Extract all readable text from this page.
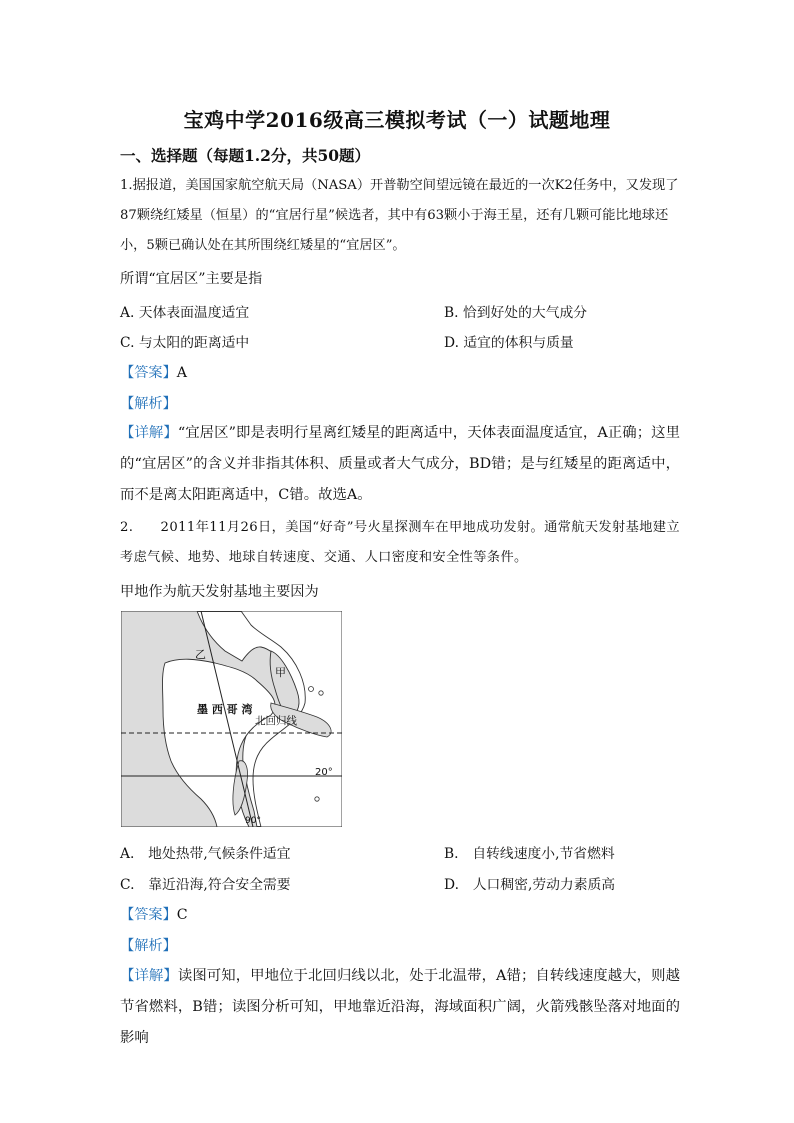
宝鸡中学2016级高三模拟考试（一）试题地理
一、选择题（每题1.2分，共50题）
1.据报道，美国国家航空航天局（NASA）开普勒空间望远镜在最近的一次K2任务中，又发现了87颗绕红矮星（恒星）的“宜居行星”候选者，其中有63颗小于海王星，还有几颗可能比地球还小，5颗已确认处在其所围绕红矮星的“宜居区”。
所谓“宜居区”主要是指
A. 天体表面温度适宜	B. 恰到好处的大气成分
C. 与太阳的距离适中	D. 适宜的体积与质量
【答案】A
【解析】
【详解】“宜居区”即是表明行星离红矮星的距离适中，天体表面温度适宜，A正确；这里的“宜居区”的含义并非指其体积、质量或者大气成分，BD错；是与红矮星的距离适中，而不是离太阳距离适中，C错。故选A。
2.　　2011年11月26日，美国“好奇”号火星探测车在甲地成功发射。通常航天发射基地建立考虑气候、地势、地球自转速度、交通、人口密度和安全性等条件。
甲地作为航天发射基地主要因为
乙
甲
墨 西 哥 湾
北回归线
20°
90°
A.　地处热带,气候条件适宜	B.　自转线速度小,节省燃料
C.　靠近沿海,符合安全需要	D.　人口稠密,劳动力素质高
【答案】C
【解析】
【详解】读图可知，甲地位于北回归线以北，处于北温带，A错；自转线速度越大，则越节省燃料，B错；读图分析可知，甲地靠近沿海，海域面积广阔，火箭残骸坠落对地面的影响
